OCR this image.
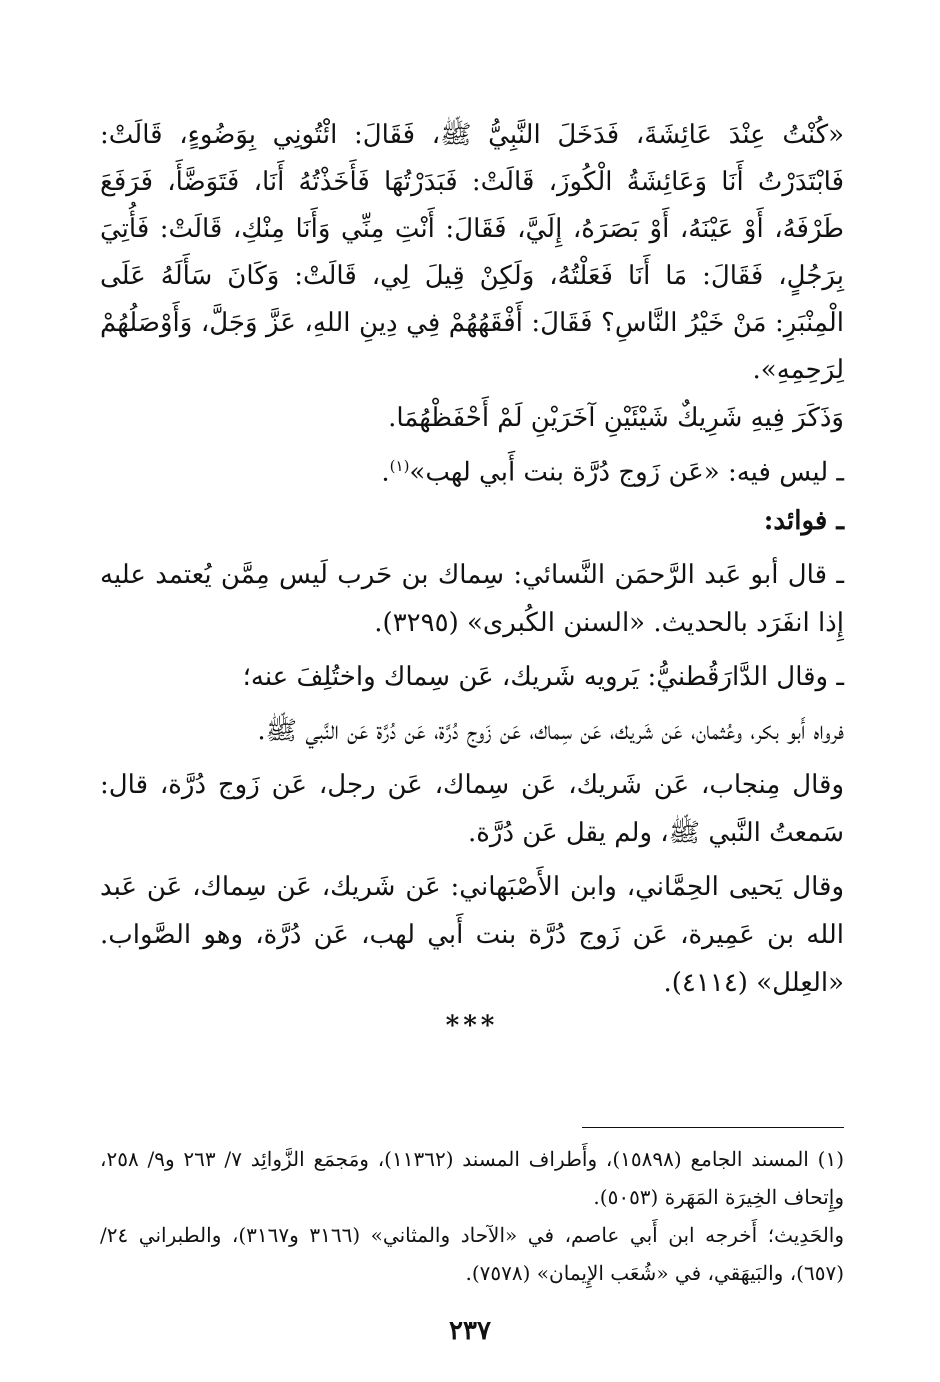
«كُنْتُ عِنْدَ عَائِشَةَ، فَدَخَلَ النَّبِيُّ ﷺ، فَقَالَ: ائْتُونِي بِوَضُوءٍ، قَالَتْ: فَابْتَدَرْتُ أَنَا وَعَائِشَةُ الْكُوزَ، قَالَتْ: فَبَدَرْتُهَا فَأَخَذْتُهُ أَنَا، فَتَوَضَّأَ، فَرَفَعَ طَرْفَهُ، أَوْ عَيْنَهُ، أَوْ بَصَرَهُ، إِلَيَّ، فَقَالَ: أَنْتِ مِنِّي وَأَنَا مِنْكِ، قَالَتْ: فَأُتِيَ بِرَجُلٍ، فَقَالَ: مَا أَنَا فَعَلْتُهُ، وَلَكِنْ قِيلَ لِي، قَالَتْ: وَكَانَ سَأَلَهُ عَلَى الْمِنْبَرِ: مَنْ خَيْرُ النَّاسِ؟ فَقَالَ: أَفْقَهُهُمْ فِي دِينِ اللهِ، عَزَّ وَجَلَّ، وَأَوْصَلُهُمْ لِرَحِمِهِ».

وَذَكَرَ فِيهِ شَرِيكٌ شَيْئَيْنِ آخَرَيْنِ لَمْ أَحْفَظْهُمَا.

ـ ليس فيه: «عَن زَوج دُرَّة بنت أَبي لهب»$^{(١)}$.

ـ فوائد:

ـ قال أبو عَبد الرَّحمَن النَّسائي: سِماك بن حَرب لَيس مِمَّن يُعتمد عليه إِذا انفَرَد بالحديث. «السنن الكُبرى» (٣٢٩٥).

ـ وقال الدَّارَقُطنيُّ: يَرويه شَريك، عَن سِماك واختُلِفَ عنه؛

فرواه أَبو بكر، وعُثمان، عَن شَريك، عَن سِماك، عَن زَوج دُرَّة، عَن دُرَّة عَن النَّبي ﷺ.

وقال مِنجاب، عَن شَريك، عَن سِماك، عَن رجل، عَن زَوج دُرَّة، قال: سَمعتُ النَّبي ﷺ، ولم يقل عَن دُرَّة.

وقال يَحيى الحِمَّاني، وابن الأَصْبَهاني: عَن شَريك، عَن سِماك، عَن عَبد الله بن عَمِيرة، عَن زَوج دُرَّة بنت أَبي لهب، عَن دُرَّة، وهو الصَّواب. «العِلل» (٤١١٤).

***

(١) المسند الجامع (١٥٨٩٨)، وأَطراف المسند (١١٣٦٢)، ومَجمَع الزَّوائِد ٧/ ٢٦٣ و٩/ ٢٥٨، وإِتحاف الخِيرَة المَهَرة (٥٠٥٣).

والحَدِيث؛ أَخرجه ابن أَبي عاصم، في «الآحاد والمثاني» (٣١٦٦ و٣١٦٧)، والطبراني ٢٤/ (٦٥٧)، والبَيهَقي، في «شُعَب الإِيمان» (٧٥٧٨).

٢٣٧
